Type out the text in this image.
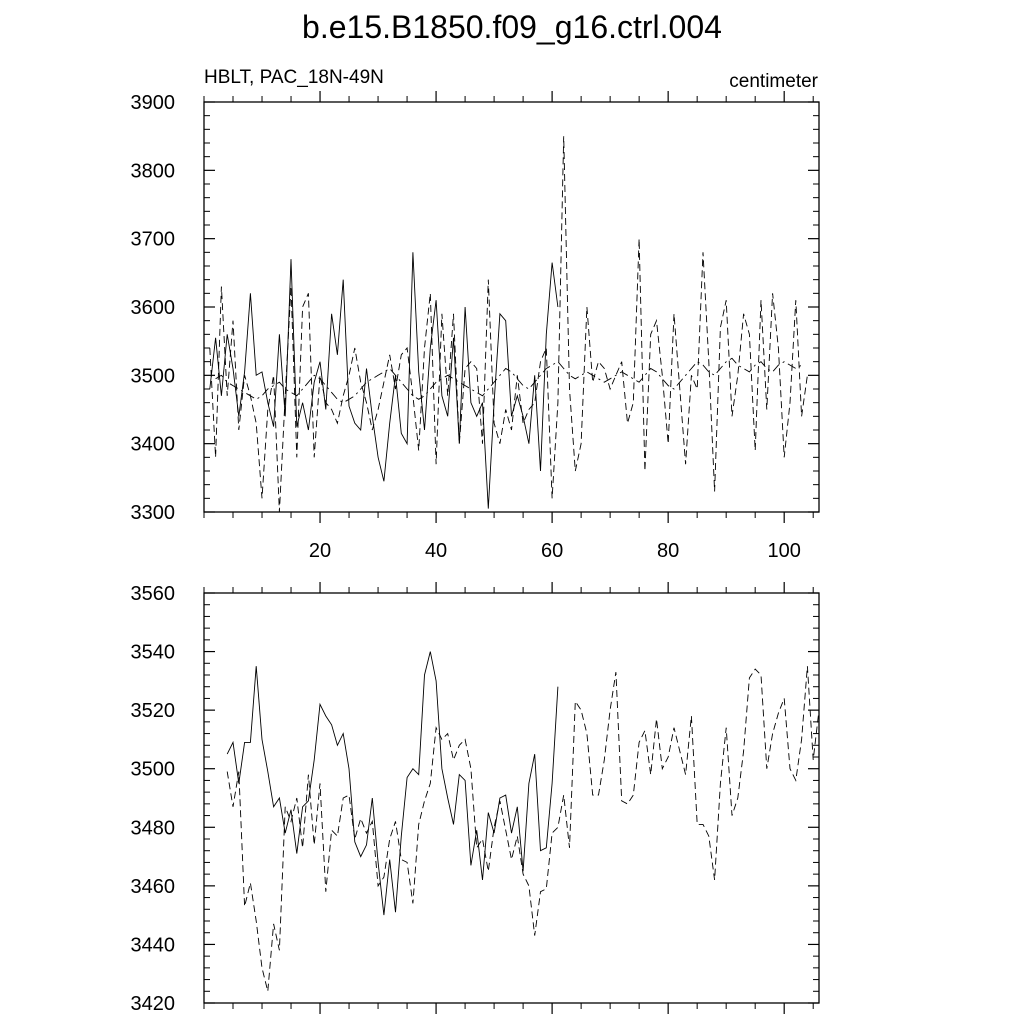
b.e15.B1850.f09_g16.ctrl.004
HBLT, PAC_18N-49N	centimeter
3300
3400
3500
3600
3700
3800
3900
20	40	60	80	100
3420
3440
3460
3480
3500
3520
3540
3560
